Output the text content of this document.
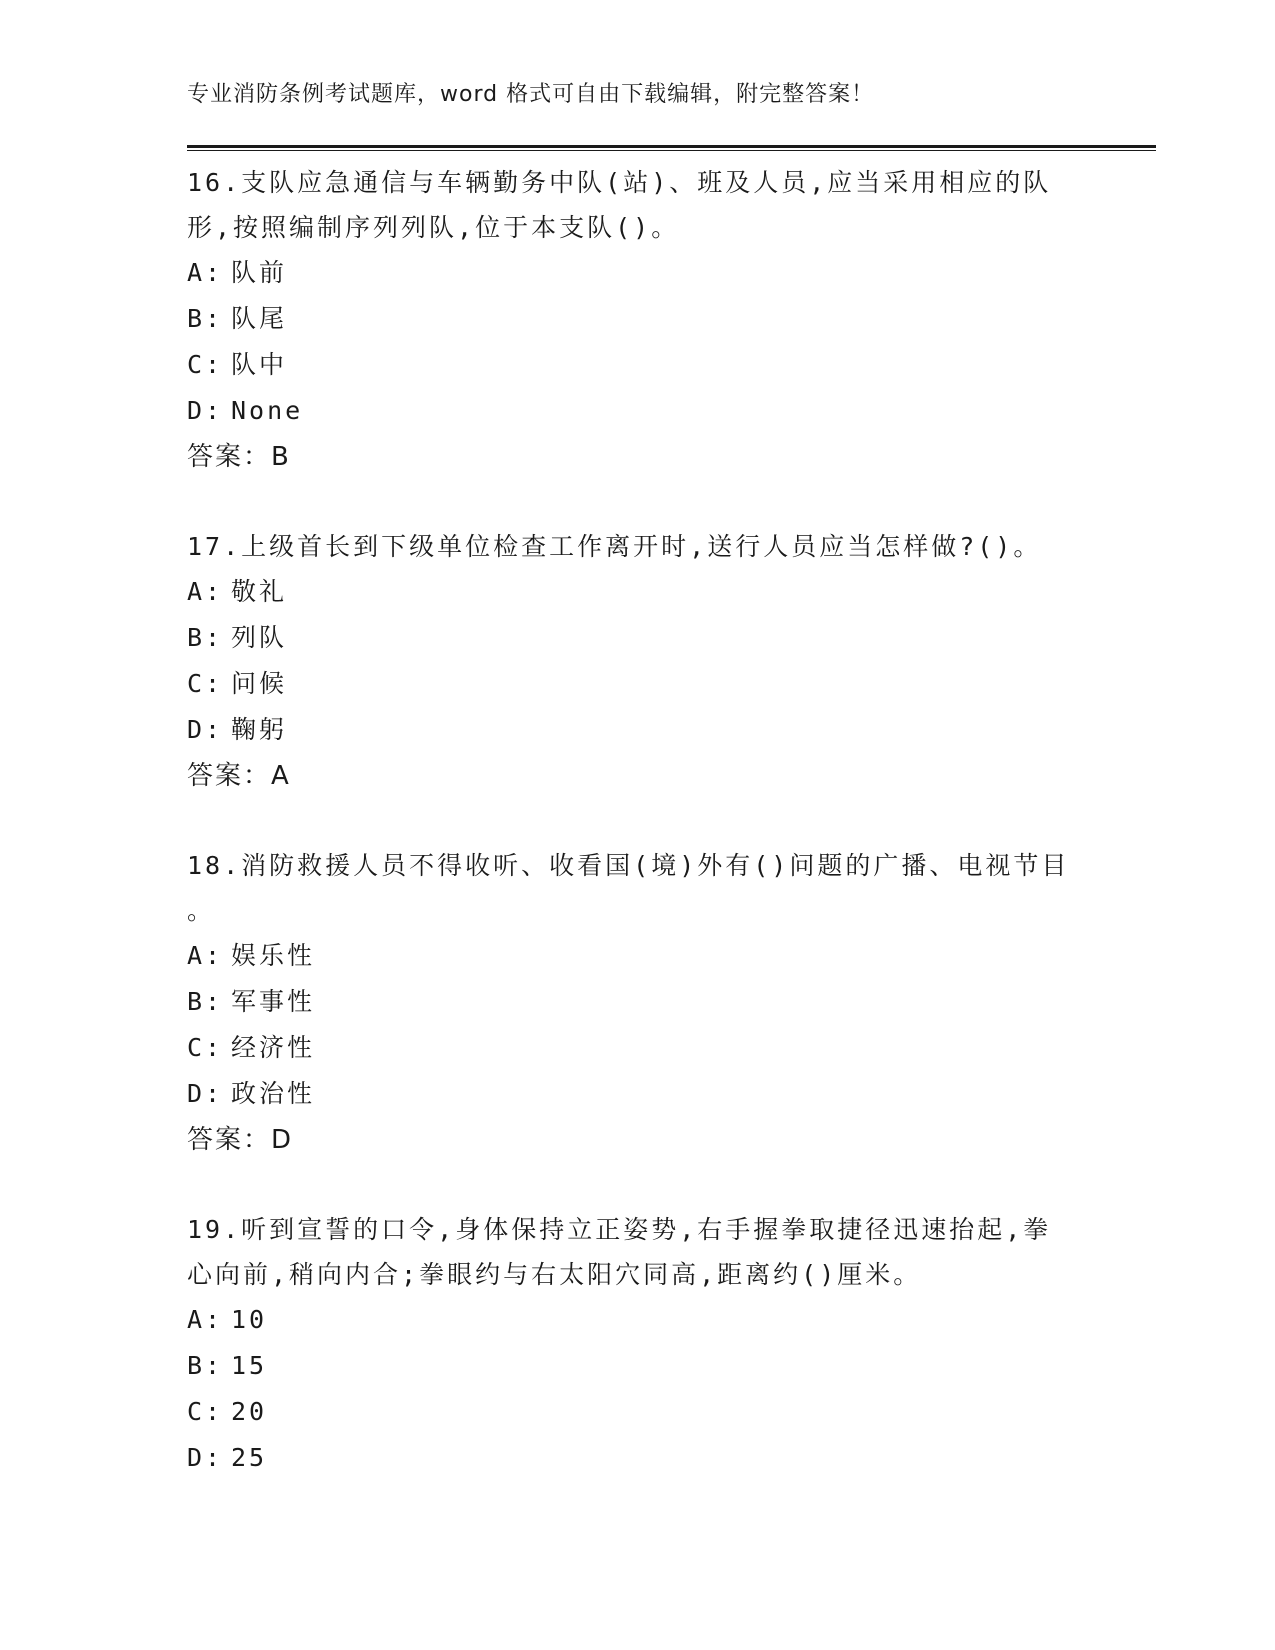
专业消防条例考试题库，word 格式可自由下载编辑，附完整答案！
16.支队应急通信与车辆勤务中队(站)、班及人员,应当采用相应的队
形,按照编制序列列队,位于本支队()。
A: 队前
B: 队尾
C: 队中
D: None
答案：B
17.上级首长到下级单位检查工作离开时,送行人员应当怎样做?()。
A: 敬礼
B: 列队
C: 问候
D: 鞠躬
答案：A
18.消防救援人员不得收听、收看国(境)外有()问题的广播、电视节目
。
A: 娱乐性
B: 军事性
C: 经济性
D: 政治性
答案：D
19.听到宣誓的口令,身体保持立正姿势,右手握拳取捷径迅速抬起,拳
心向前,稍向内合;拳眼约与右太阳穴同高,距离约()厘米。
A: 10
B: 15
C: 20
D: 25
